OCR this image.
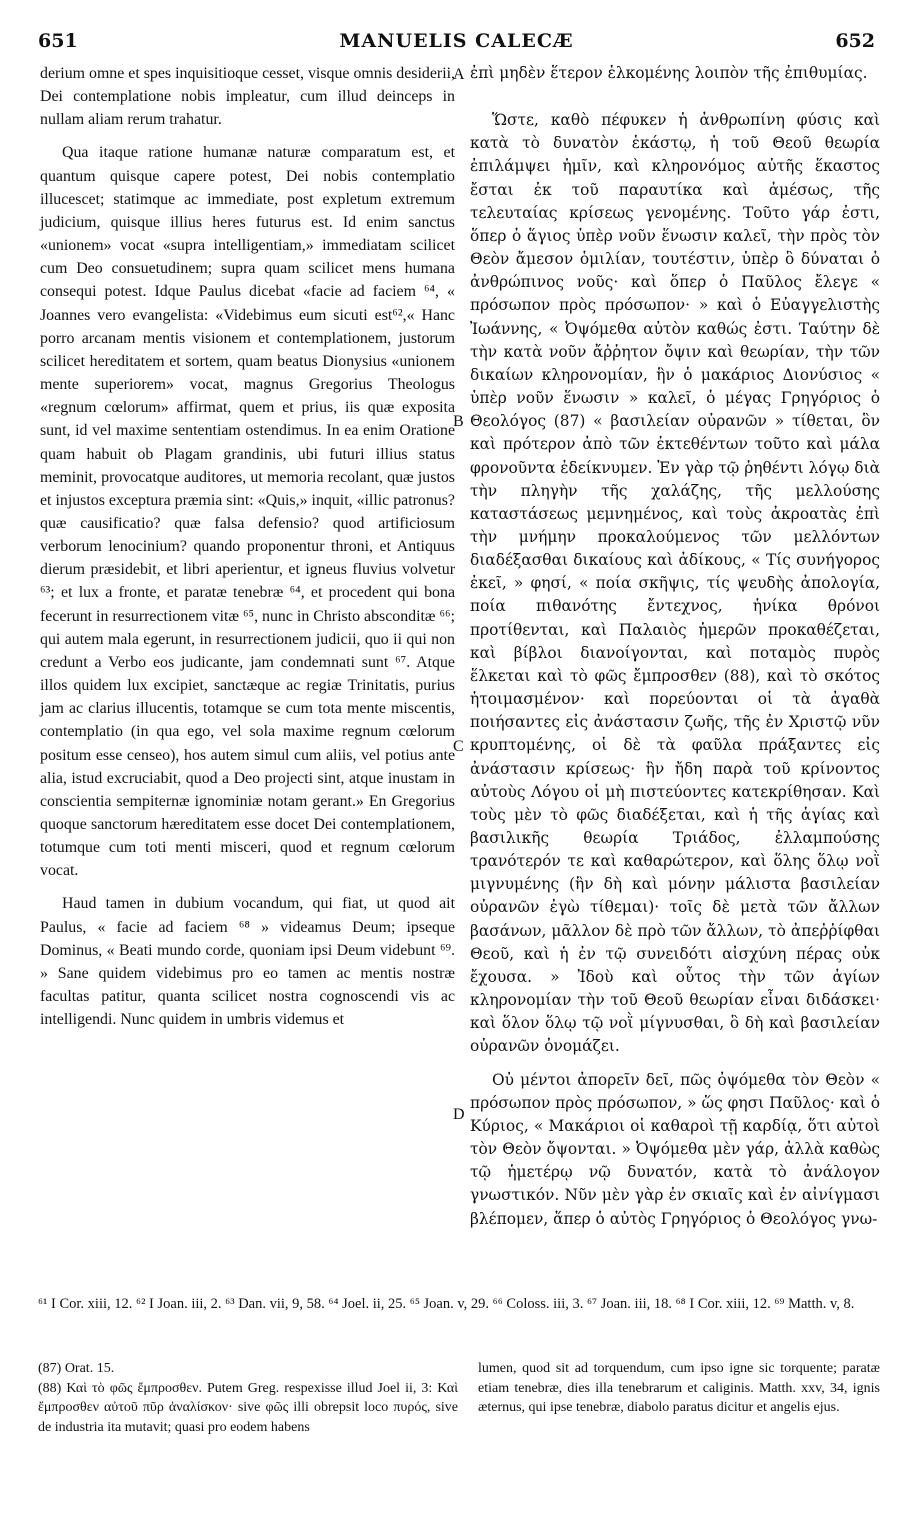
651	MANUELIS CALECÆ	652

derium omne et spes inquisitioque cesset, visque omnis desiderii, Dei contemplatione nobis impleatur, cum illud deinceps in nullam aliam rerum trahatur.

Qua itaque ratione humanæ naturæ comparatum est, et quantum quisque capere potest, Dei nobis contemplatio illucescet; statimque ac immediate, post expletum extremum judicium, quisque illius heres futurus est. Id enim sanctus «unionem» vocat «supra intelligentiam,» immediatam scilicet cum Deo consuetudinem; supra quam scilicet mens humana consequi potest. Idque Paulus dicebat «facie ad faciem ⁶⁴, « Joannes vero evangelista: «Videbimus eum sicuti est⁶²,« Hanc porro arcanam mentis visionem et contemplationem, justorum scilicet hereditatem et sortem, quam beatus Dionysius «unionem mente superiorem» vocat, magnus Gregorius Theologus «regnum cœlorum» affirmat, quem et prius, iis quæ exposita sunt, id vel maxime sententiam ostendimus. In ea enim Oratione quam habuit ob Plagam grandinis, ubi futuri illius status meminit, provocatque auditores, ut memoria recolant, quæ justos et injustos exceptura præmia sint: «Quis,» inquit, «illic patronus? quæ causificatio? quæ falsa defensio? quod artificiosum verborum lenocinium? quando proponentur throni, et Antiquus dierum præsidebit, et libri aperientur, et igneus fluvius volvetur ⁶³; et lux a fronte, et paratæ tenebræ ⁶⁴, et procedent qui bona fecerunt in resurrectionem vitæ ⁶⁵, nunc in Christo absconditæ ⁶⁶; qui autem mala egerunt, in resurrectionem judicii, quo ii qui non credunt a Verbo eos judicante, jam condemnati sunt ⁶⁷. Atque illos quidem lux excipiet, sanctæque ac regiæ Trinitatis, purius jam ac clarius illucentis, totamque se cum tota mente miscentis, contemplatio (in qua ego, vel sola maxime regnum cœlorum positum esse censeo), hos autem simul cum aliis, vel potius ante alia, istud excruciabit, quod a Deo projecti sint, atque inustam in conscientia sempiternæ ignominiæ notam gerant.» En Gregorius quoque sanctorum hæreditatem esse docet Dei contemplationem, totumque cum toti menti misceri, quod et regnum cœlorum vocat.

Haud tamen in dubium vocandum, qui fiat, ut quod ait Paulus, « facie ad faciem ⁶⁸ » videamus Deum; ipseque Dominus, « Beati mundo corde, quoniam ipsi Deum videbunt ⁶⁹. » Sane quidem videbimus pro eo tamen ac mentis nostræ facultas patitur, quanta scilicet nostra cognoscendi vis ac intelligendi. Nunc quidem in umbris videmus et

A
B
C
D

ἐπὶ μηδὲν ἕτερον ἑλκομένης λοιπὸν τῆς ἐπιθυμίας.

Ὥστε, καθὸ πέφυκεν ἡ ἀνθρωπίνη φύσις καὶ κατὰ τὸ δυνατὸν ἑκάστῳ, ἡ τοῦ Θεοῦ θεωρία ἐπιλάμψει ἡμῖν, καὶ κληρονόμος αὐτῆς ἕκαστος ἔσται ἐκ τοῦ παραυτίκα καὶ ἀμέσως, τῆς τελευταίας κρίσεως γενομένης. Τοῦτο γάρ ἐστι, ὅπερ ὁ ἅγιος ὑπὲρ νοῦν ἕνωσιν καλεῖ, τὴν πρὸς τὸν Θεὸν ἄμεσον ὁμιλίαν, τουτέστιν, ὑπὲρ ὃ δύναται ὁ ἀνθρώπινος νοῦς· καὶ ὅπερ ὁ Παῦλος ἔλεγε « πρόσωπον πρὸς πρόσωπον· » καὶ ὁ Εὐαγγελιστὴς Ἰωάννης, « Ὀψόμεθα αὐτὸν καθώς ἐστι. Ταύτην δὲ τὴν κατὰ νοῦν ἄῤῥητον ὄψιν καὶ θεωρίαν, τὴν τῶν δικαίων κληρονομίαν, ἣν ὁ μακάριος Διονύσιος « ὑπὲρ νοῦν ἕνωσιν » καλεῖ, ὁ μέγας Γρηγόριος ὁ Θεολόγος (87) « βασιλείαν οὐρανῶν » τίθεται, ὃν καὶ πρότερον ἀπὸ τῶν ἐκτεθέντων τοῦτο καὶ μάλα φρονοῦντα ἐδείκνυμεν. Ἐν γὰρ τῷ ῥηθέντι λόγῳ διὰ τὴν πληγὴν τῆς χαλάζης, τῆς μελλούσης καταστάσεως μεμνημένος, καὶ τοὺς ἀκροατὰς ἐπὶ τὴν μνήμην προκαλούμενος τῶν μελλόντων διαδέξασθαι δικαίους καὶ ἀδίκους, « Τίς συνήγορος ἐκεῖ, » φησί, « ποία σκῆψις, τίς ψευδὴς ἀπολογία, ποία πιθανότης ἔντεχνος, ἡνίκα θρόνοι προτίθενται, καὶ Παλαιὸς ἡμερῶν προκαθέζεται, καὶ βίβλοι διανοίγονται, καὶ ποταμὸς πυρὸς ἕλκεται καὶ τὸ φῶς ἔμπροσθεν (88), καὶ τὸ σκότος ἡτοιμασμένον· καὶ πορεύονται οἱ τὰ ἀγαθὰ ποιήσαντες εἰς ἀνάστασιν ζωῆς, τῆς ἐν Χριστῷ νῦν κρυπτομένης, οἱ δὲ τὰ φαῦλα πράξαντες εἰς ἀνάστασιν κρίσεως· ἣν ἤδη παρὰ τοῦ κρίνοντος αὐτοὺς Λόγου οἱ μὴ πιστεύοντες κατεκρίθησαν. Καὶ τοὺς μὲν τὸ φῶς διαδέξεται, καὶ ἡ τῆς ἁγίας καὶ βασιλικῆς θεωρία Τριάδος, ἐλλαμπούσης τρανότερόν τε καὶ καθαρώτερον, καὶ ὅλης ὅλῳ νοῒ μιγνυμένης (ἣν δὴ καὶ μόνην μάλιστα βασιλείαν οὐρανῶν ἐγὼ τίθεμαι)· τοῖς δὲ μετὰ τῶν ἄλλων βασάνων, μᾶλλον δὲ πρὸ τῶν ἄλλων, τὸ ἀπεῤῥίφθαι Θεοῦ, καὶ ἡ ἐν τῷ συνειδότι αἰσχύνη πέρας οὐκ ἔχουσα. » Ἰδοὺ καὶ οὗτος τὴν τῶν ἁγίων κληρονομίαν τὴν τοῦ Θεοῦ θεωρίαν εἶναι διδάσκει· καὶ ὅλον ὅλῳ τῷ νοῒ μίγνυσθαι, ὃ δὴ καὶ βασιλείαν οὐρανῶν ὀνομάζει.

Οὐ μέντοι ἀπορεῖν δεῖ, πῶς ὀψόμεθα τὸν Θεὸν « πρόσωπον πρὸς πρόσωπον, » ὥς φησι Παῦλος· καὶ ὁ Κύριος, « Μακάριοι οἱ καθαροὶ τῇ καρδίᾳ, ὅτι αὐτοὶ τὸν Θεὸν ὄψονται. » Ὀψόμεθα μὲν γάρ, ἀλλὰ καθὼς τῷ ἡμετέρῳ νῷ δυνατόν, κατὰ τὸ ἀνάλογον γνωστικόν. Νῦν μὲν γὰρ ἐν σκιαῖς καὶ ἐν αἰνίγμασι βλέπομεν, ἅπερ ὁ αὐτὸς Γρηγόριος ὁ Θεολόγος γνω-

⁶¹ I Cor. xiii, 12. ⁶² I Joan. iii, 2. ⁶³ Dan. vii, 9, 58. ⁶⁴ Joel. ii, 25. ⁶⁵ Joan. v, 29. ⁶⁶ Coloss. iii, 3. ⁶⁷ Joan. iii, 18. ⁶⁸ I Cor. xiii, 12. ⁶⁹ Matth. v, 8.

(87) Orat. 15.

(88) Καὶ τὸ φῶς ἔμπροσθεν. Putem Greg. respexisse illud Joel ii, 3: Καὶ ἔμπροσθεν αὐτοῦ πῦρ ἀναλίσκον· sive φῶς illi obrepsit loco πυρός, sive de industria ita mutavit; quasi pro eodem habens

lumen, quod sit ad torquendum, cum ipso igne sic torquente; paratæ etiam tenebræ, dies illa tenebrarum et caliginis. Matth. xxv, 34, ignis æternus, qui ipse tenebræ, diabolo paratus dicitur et angelis ejus.
